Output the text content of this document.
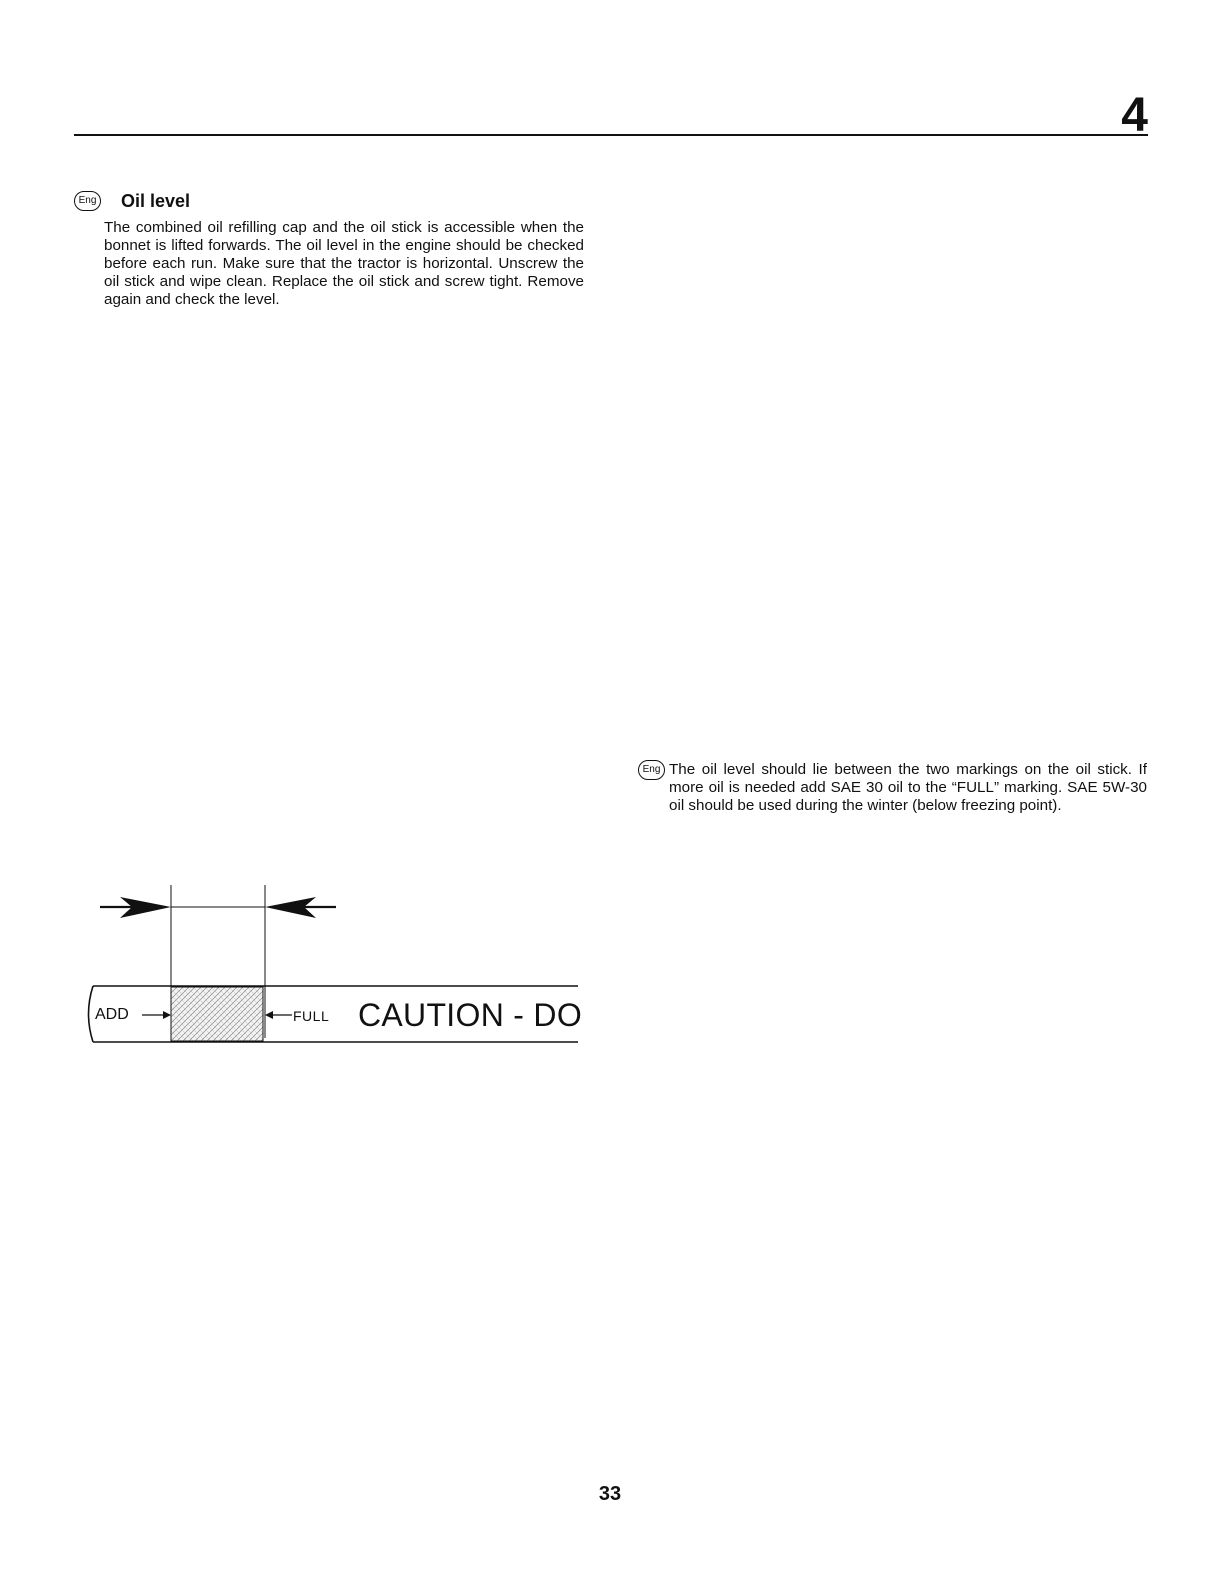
4
Eng Oil level
The combined oil refilling cap and the oil stick is accessible when the bonnet is lifted forwards. The oil level in the engine should be checked before each run. Make sure that the tractor is horizontal. Unscrew the oil stick and wipe clean. Replace the oil stick and screw tight. Remove again and check the level.
Eng The oil level should lie between the two markings on the oil stick. If more oil is needed add SAE 30 oil to the “FULL” marking. SAE 5W-30 oil should be used during the winter (below freezing point).
ADD	FULL CAUTION - DO
33
